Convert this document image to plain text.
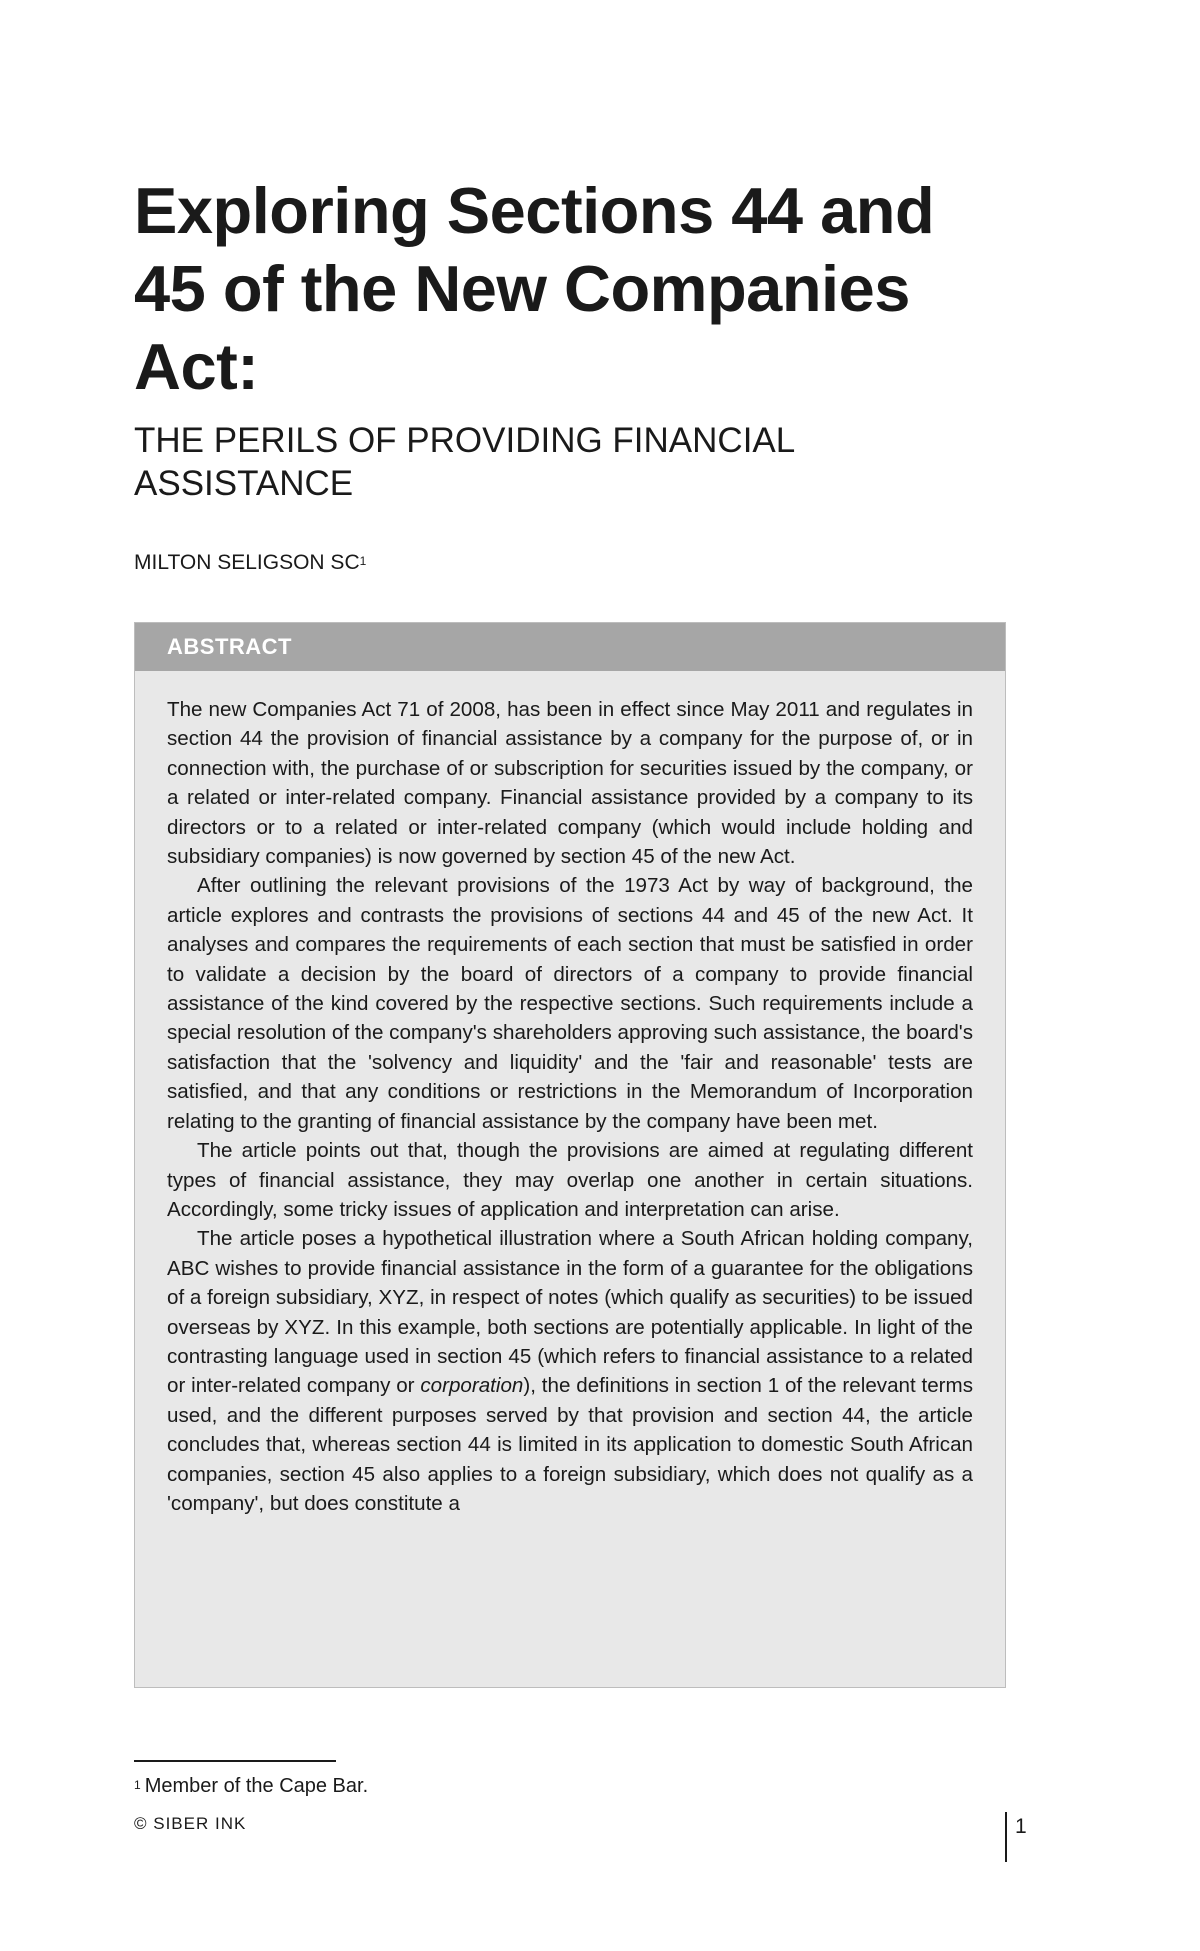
Exploring Sections 44 and 45 of the New Companies Act:
THE PERILS OF PROVIDING FINANCIAL ASSISTANCE

MILTON SELIGSON $SC^1$

ABSTRACT

The new Companies Act 71 of 2008, has been in effect since May 2011 and regulates in section 44 the provision of financial assistance by a company for the purpose of, or in connection with, the purchase of or subscription for securities issued by the company, or a related or inter-related company. Financial assistance provided by a company to its directors or to a related or inter-related company (which would include holding and subsidiary companies) is now governed by section 45 of the new Act.

After outlining the relevant provisions of the 1973 Act by way of background, the article explores and contrasts the provisions of sections 44 and 45 of the new Act. It analyses and compares the requirements of each section that must be satisfied in order to validate a decision by the board of directors of a company to provide financial assistance of the kind covered by the respective sections. Such requirements include a special resolution of the company's shareholders approving such assistance, the board's satisfaction that the 'solvency and liquidity' and the 'fair and reasonable' tests are satisfied, and that any conditions or restrictions in the Memorandum of Incorporation relating to the granting of financial assistance by the company have been met.

The article points out that, though the provisions are aimed at regulating different types of financial assistance, they may overlap one another in certain situations. Accordingly, some tricky issues of application and interpretation can arise.

The article poses a hypothetical illustration where a South African holding company, ABC wishes to provide financial assistance in the form of a guarantee for the obligations of a foreign subsidiary, XYZ, in respect of notes (which qualify as securities) to be issued overseas by XYZ. In this example, both sections are potentially applicable. In light of the contrasting language used in section 45 (which refers to financial assistance to a related or inter-related company or corporation), the definitions in section 1 of the relevant terms used, and the different purposes served by that provision and section 44, the article concludes that, whereas section 44 is limited in its application to domestic South African companies, section 45 also applies to a foreign subsidiary, which does not qualify as a 'company', but does constitute a

$^1$ Member of the Cape Bar.

© SIBER INK	1
